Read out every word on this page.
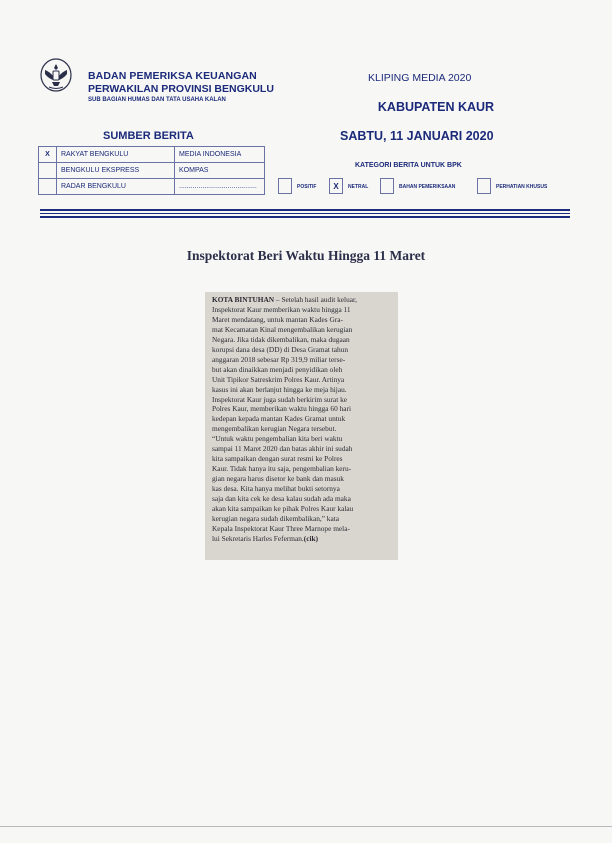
BADAN PEMERIKSA KEUANGAN
PERWAKILAN PROVINSI BENGKULU
SUB BAGIAN HUMAS DAN TATA USAHA KALAN
KLIPING MEDIA 2020
KABUPATEN KAUR
SABTU, 11 JANUARI 2020
SUMBER BERITA
X	RAKYAT BENGKULU	MEDIA INDONESIA
	BENGKULU EKSPRESS	KOMPAS
	RADAR BENGKULU	........................................
KATEGORI BERITA UNTUK BPK
POSITIF	X	NETRAL	BAHAN PEMERIKSAAN	PERHATIAN KHUSUS
Inspektorat Beri Waktu Hingga 11 Maret

KOTA BINTUHAN – Setelah hasil audit keluar,
Inspektorat Kaur memberikan waktu hingga 11
Maret mendatang, untuk mantan Kades Gra-
mat Kecamatan Kinal mengembalikan kerugian
Negara. Jika tidak dikembalikan, maka dugaan
korupsi dana desa (DD) di Desa Gramat tahun
anggaran 2018 sebesar Rp 319,9 miliar terse-
but akan dinaikkan menjadi penyidikan oleh
Unit Tipikor Satreskrim Polres Kaur. Artinya
kasus ini akan berlanjut hingga ke meja hijau.
Inspektorat Kaur juga sudah berkirim surat ke
Polres Kaur, memberikan waktu hingga 60 hari
kedepan kepada mantan Kades Gramat untuk
mengembalikan kerugian Negara tersebut.

“Untuk waktu pengembalian kita beri waktu
sampai 11 Maret 2020 dan batas akhir ini sudah
kita sampaikan dengan surat resmi ke Polres
Kaur. Tidak hanya itu saja, pengembalian keru-
gian negara harus disetor ke bank dan masuk
kas desa. Kita hanya melihat bukti setornya
saja dan kita cek ke desa kalau sudah ada maka
akan kita sampaikan ke pihak Polres Kaur kalau
kerugian negara sudah dikembalikan,” kata
Kepala Inspektorat Kaur Three Marnope mela-
lui Sekretaris Harles Feferman.(cik)
